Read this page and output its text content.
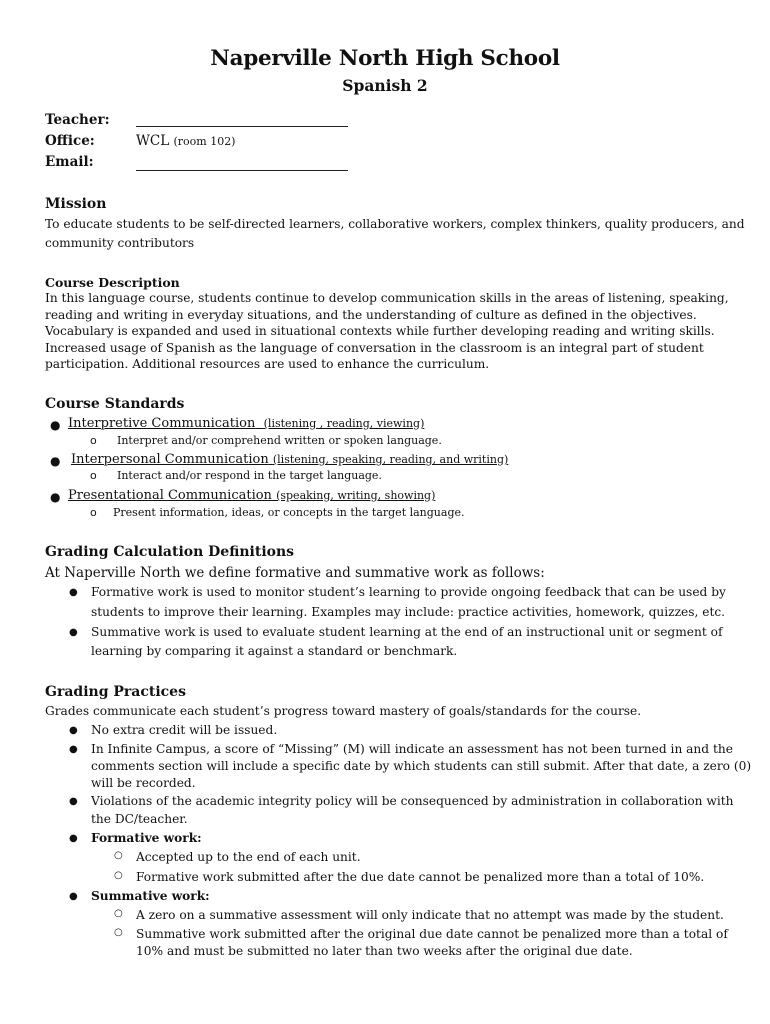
Naperville North High School
Spanish 2
Teacher:
Office:	WCL (room 102)
Email:
Mission
To educate students to be self-directed learners, collaborative workers, complex thinkers, quality producers, and
community contributors
Course Description
In this language course, students continue to develop communication skills in the areas of listening, speaking,
reading and writing in everyday situations, and the understanding of culture as defined in the objectives.
Vocabulary is expanded and used in situational contexts while further developing reading and writing skills.
Increased usage of Spanish as the language of conversation in the classroom is an integral part of student
participation. Additional resources are used to enhance the curriculum.
Course Standards
● Interpretive Communication (listening , reading, viewing)
o Interpret and/or comprehend written or spoken language.
● Interpersonal Communication (listening, speaking, reading, and writing)
o Interact and/or respond in the target language.
● Presentational Communication (speaking, writing, showing)
o Present information, ideas, or concepts in the target language.
Grading Calculation Definitions
At Naperville North we define formative and summative work as follows:
● Formative work is used to monitor student’s learning to provide ongoing feedback that can be used by
students to improve their learning. Examples may include: practice activities, homework, quizzes, etc.
● Summative work is used to evaluate student learning at the end of an instructional unit or segment of
learning by comparing it against a standard or benchmark.
Grading Practices
Grades communicate each student’s progress toward mastery of goals/standards for the course.
● No extra credit will be issued.
● In Infinite Campus, a score of “Missing” (M) will indicate an assessment has not been turned in and the
comments section will include a specific date by which students can still submit. After that date, a zero (0)
will be recorded.
● Violations of the academic integrity policy will be consequenced by administration in collaboration with
the DC/teacher.
● Formative work:
○ Accepted up to the end of each unit.
○ Formative work submitted after the due date cannot be penalized more than a total of 10%.
● Summative work:
○ A zero on a summative assessment will only indicate that no attempt was made by the student.
○ Summative work submitted after the original due date cannot be penalized more than a total of
10% and must be submitted no later than two weeks after the original due date.
